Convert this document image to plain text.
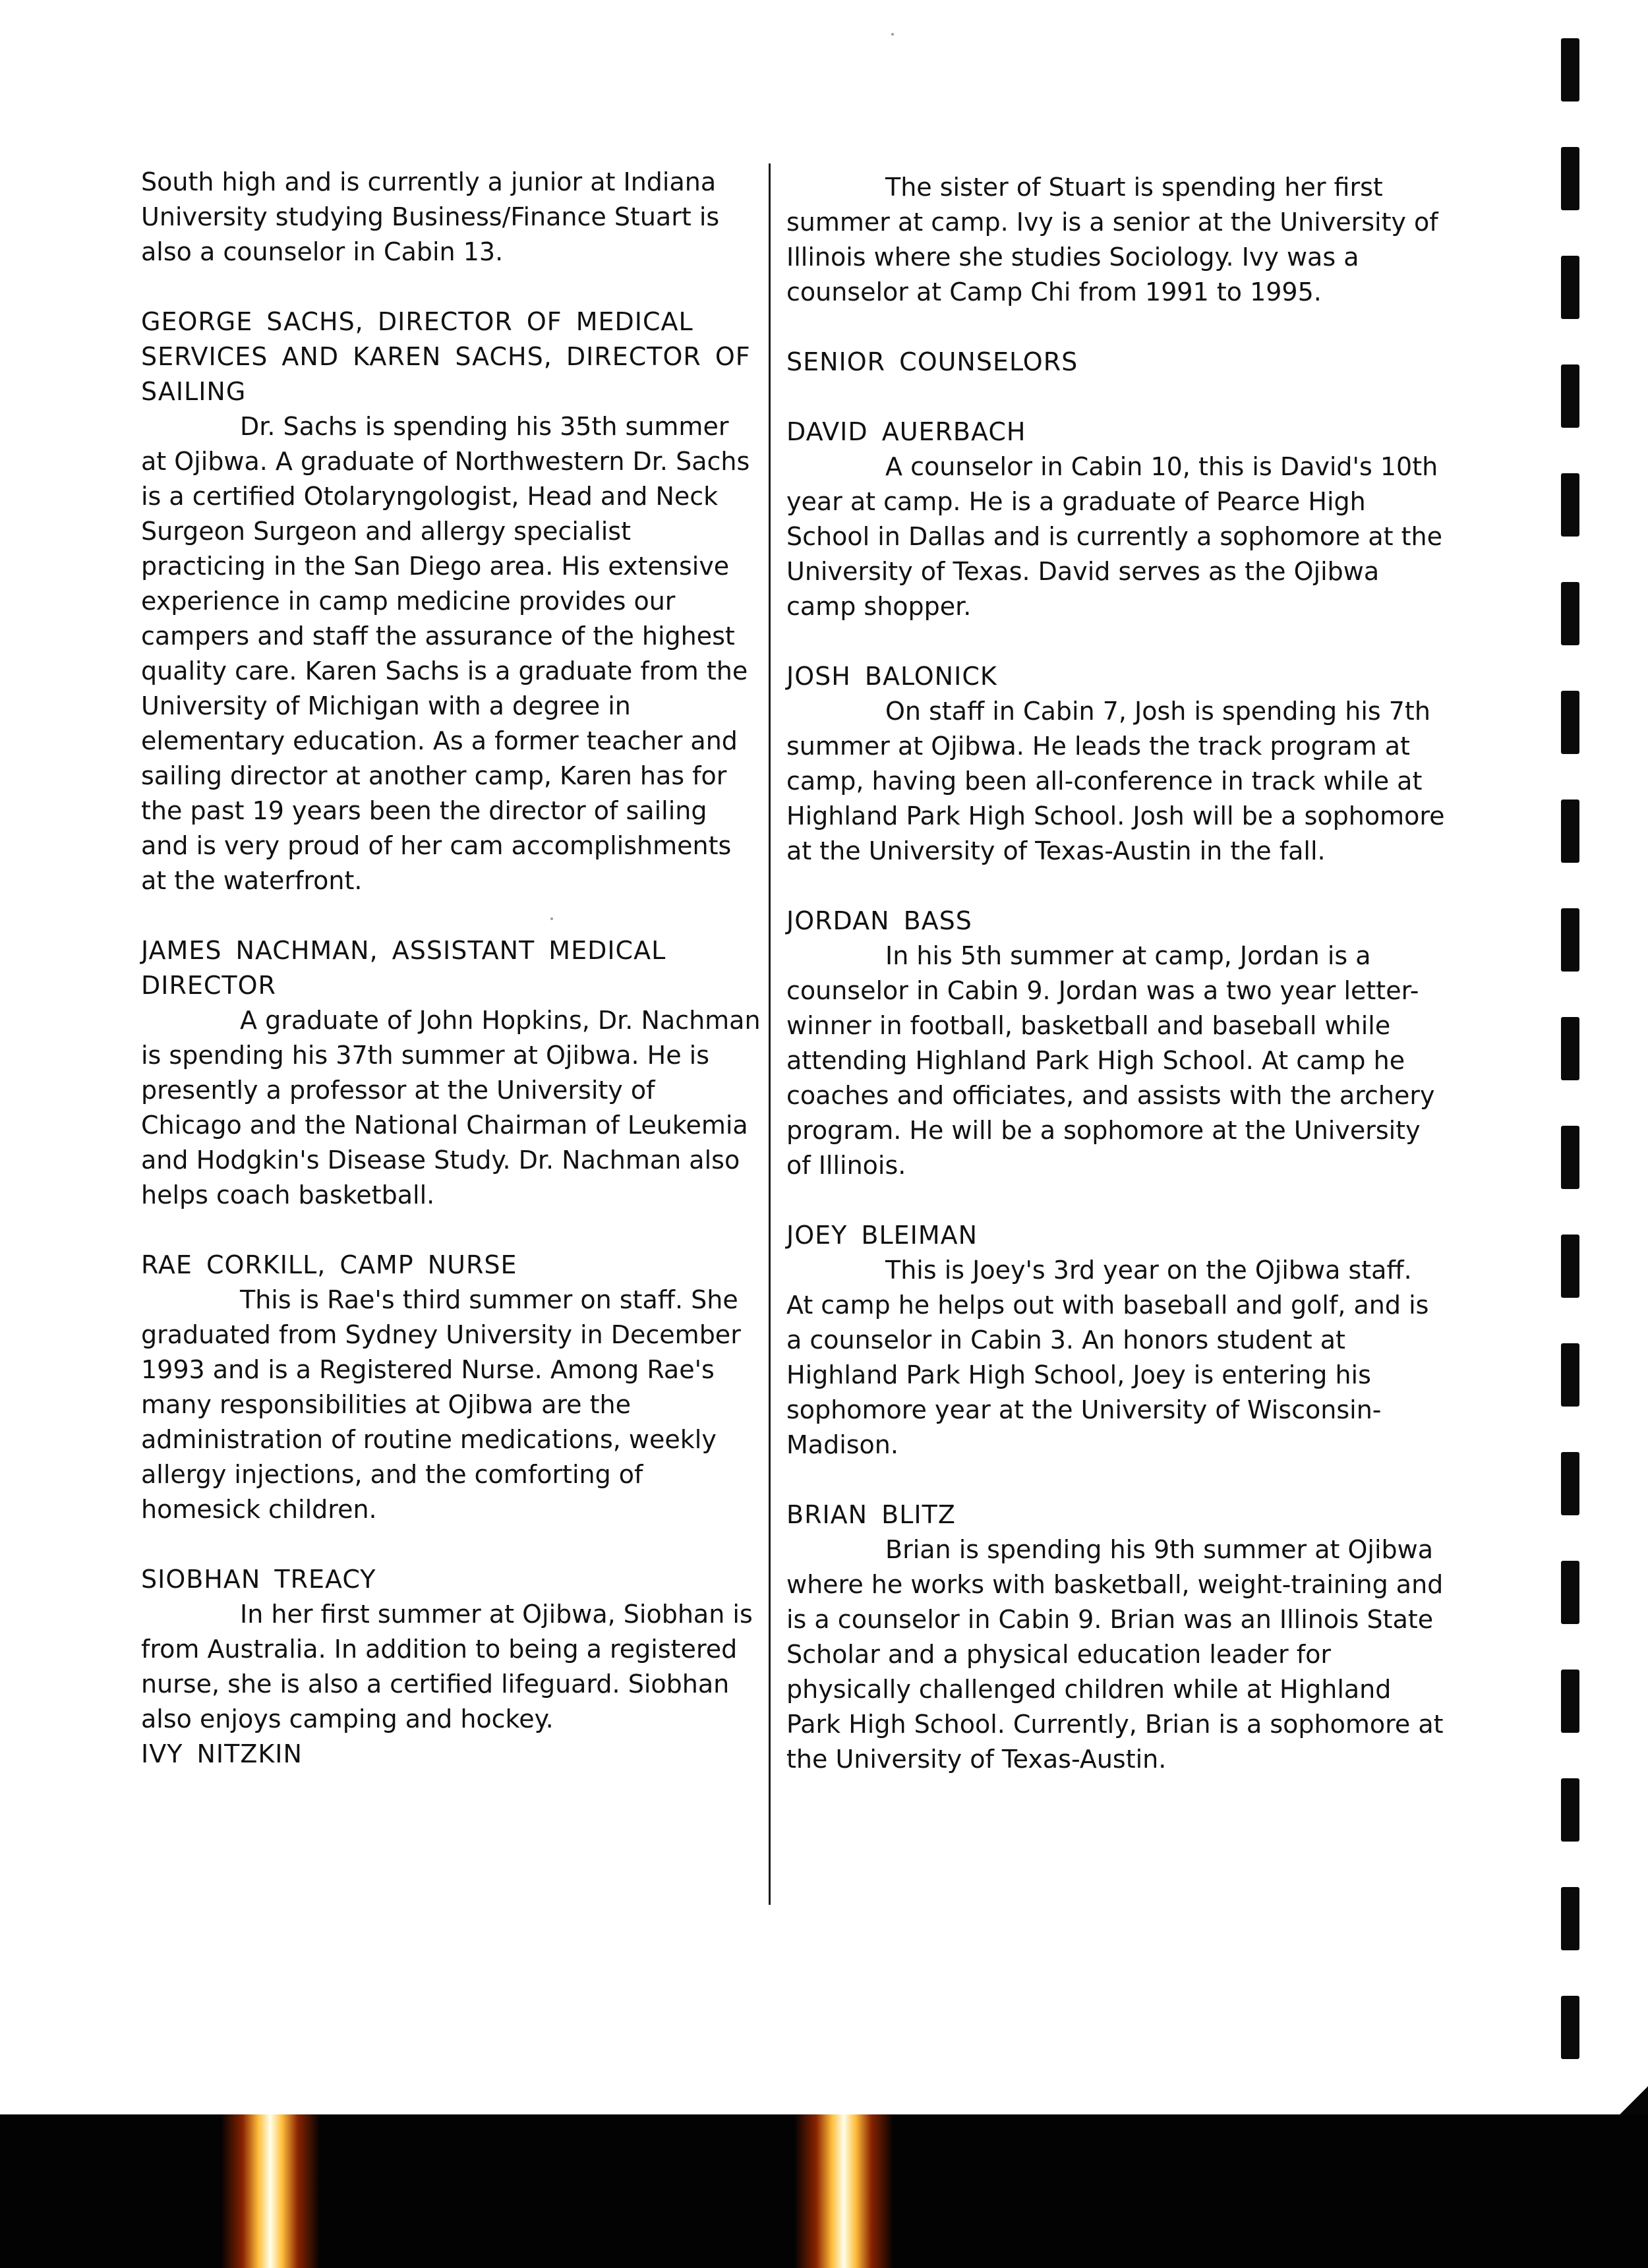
South high and is currently a junior at Indiana University studying Business/Finance Stuart is also a counselor in Cabin 13.

GEORGE SACHS, DIRECTOR OF MEDICAL SERVICES AND KAREN SACHS, DIRECTOR OF SAILING

Dr. Sachs is spending his 35th summer at Ojibwa. A graduate of Northwestern Dr. Sachs is a certified Otolaryngologist, Head and Neck Surgeon Surgeon and allergy specialist practicing in the San Diego area. His extensive experience in camp medicine provides our campers and staff the assurance of the highest quality care. Karen Sachs is a graduate from the University of Michigan with a degree in elementary education. As a former teacher and sailing director at another camp, Karen has for the past 19 years been the director of sailing and is very proud of her cam accomplishments at the waterfront.

JAMES NACHMAN, ASSISTANT MEDICAL DIRECTOR

A graduate of John Hopkins, Dr. Nachman is spending his 37th summer at Ojibwa. He is presently a professor at the University of Chicago and the National Chairman of Leukemia and Hodgkin's Disease Study. Dr. Nachman also helps coach basketball.

RAE CORKILL, CAMP NURSE

This is Rae's third summer on staff. She graduated from Sydney University in December 1993 and is a Registered Nurse. Among Rae's many responsibilities at Ojibwa are the administration of routine medications, weekly allergy injections, and the comforting of homesick children.

SIOBHAN TREACY

In her first summer at Ojibwa, Siobhan is from Australia. In addition to being a registered nurse, she is also a certified lifeguard. Siobhan also enjoys camping and hockey.

IVY NITZKIN

The sister of Stuart is spending her first summer at camp. Ivy is a senior at the University of Illinois where she studies Sociology. Ivy was a counselor at Camp Chi from 1991 to 1995.

SENIOR COUNSELORS

DAVID AUERBACH

A counselor in Cabin 10, this is David's 10th year at camp. He is a graduate of Pearce High School in Dallas and is currently a sophomore at the University of Texas. David serves as the Ojibwa camp shopper.

JOSH BALONICK

On staff in Cabin 7, Josh is spending his 7th summer at Ojibwa. He leads the track program at camp, having been all-conference in track while at Highland Park High School. Josh will be a sophomore at the University of Texas-Austin in the fall.

JORDAN BASS

In his 5th summer at camp, Jordan is a counselor in Cabin 9. Jordan was a two year letter-winner in football, basketball and baseball while attending Highland Park High School. At camp he coaches and officiates, and assists with the archery program. He will be a sophomore at the University of Illinois.

JOEY BLEIMAN

This is Joey's 3rd year on the Ojibwa staff. At camp he helps out with baseball and golf, and is a counselor in Cabin 3. An honors student at Highland Park High School, Joey is entering his sophomore year at the University of Wisconsin-Madison.

BRIAN BLITZ

Brian is spending his 9th summer at Ojibwa where he works with basketball, weight-training and is a counselor in Cabin 9. Brian was an Illinois State Scholar and a physical education leader for physically challenged children while at Highland Park High School. Currently, Brian is a sophomore at the University of Texas-Austin.
